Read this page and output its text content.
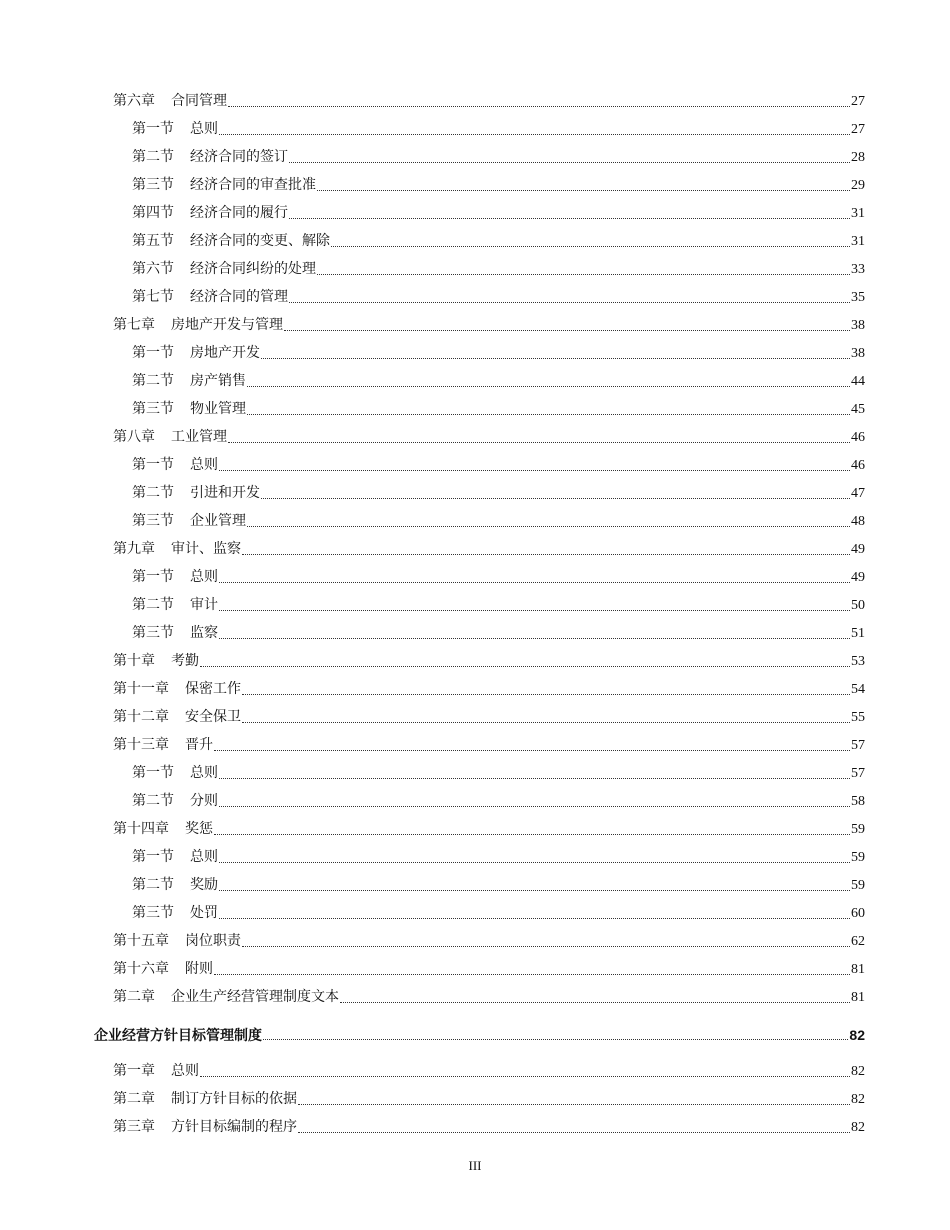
第六章 合同管理	27
第一节 总则	27
第二节 经济合同的签订	28
第三节 经济合同的审查批准	29
第四节 经济合同的履行	31
第五节 经济合同的变更、解除	31
第六节 经济合同纠纷的处理	33
第七节 经济合同的管理	35
第七章 房地产开发与管理	38
第一节 房地产开发	38
第二节 房产销售	44
第三节 物业管理	45
第八章 工业管理	46
第一节 总则	46
第二节 引进和开发	47
第三节 企业管理	48
第九章 审计、监察	49
第一节 总则	49
第二节 审计	50
第三节 监察	51
第十章 考勤	53
第十一章 保密工作	54
第十二章 安全保卫	55
第十三章 晋升	57
第一节 总则	57
第二节 分则	58
第十四章 奖惩	59
第一节 总则	59
第二节 奖励	59
第三节 处罚	60
第十五章 岗位职责	62
第十六章 附则	81
第二章 企业生产经营管理制度文本	81
企业经营方针目标管理制度	82
第一章 总则	82
第二章 制订方针目标的依据	82
第三章 方针目标编制的程序	82
III
